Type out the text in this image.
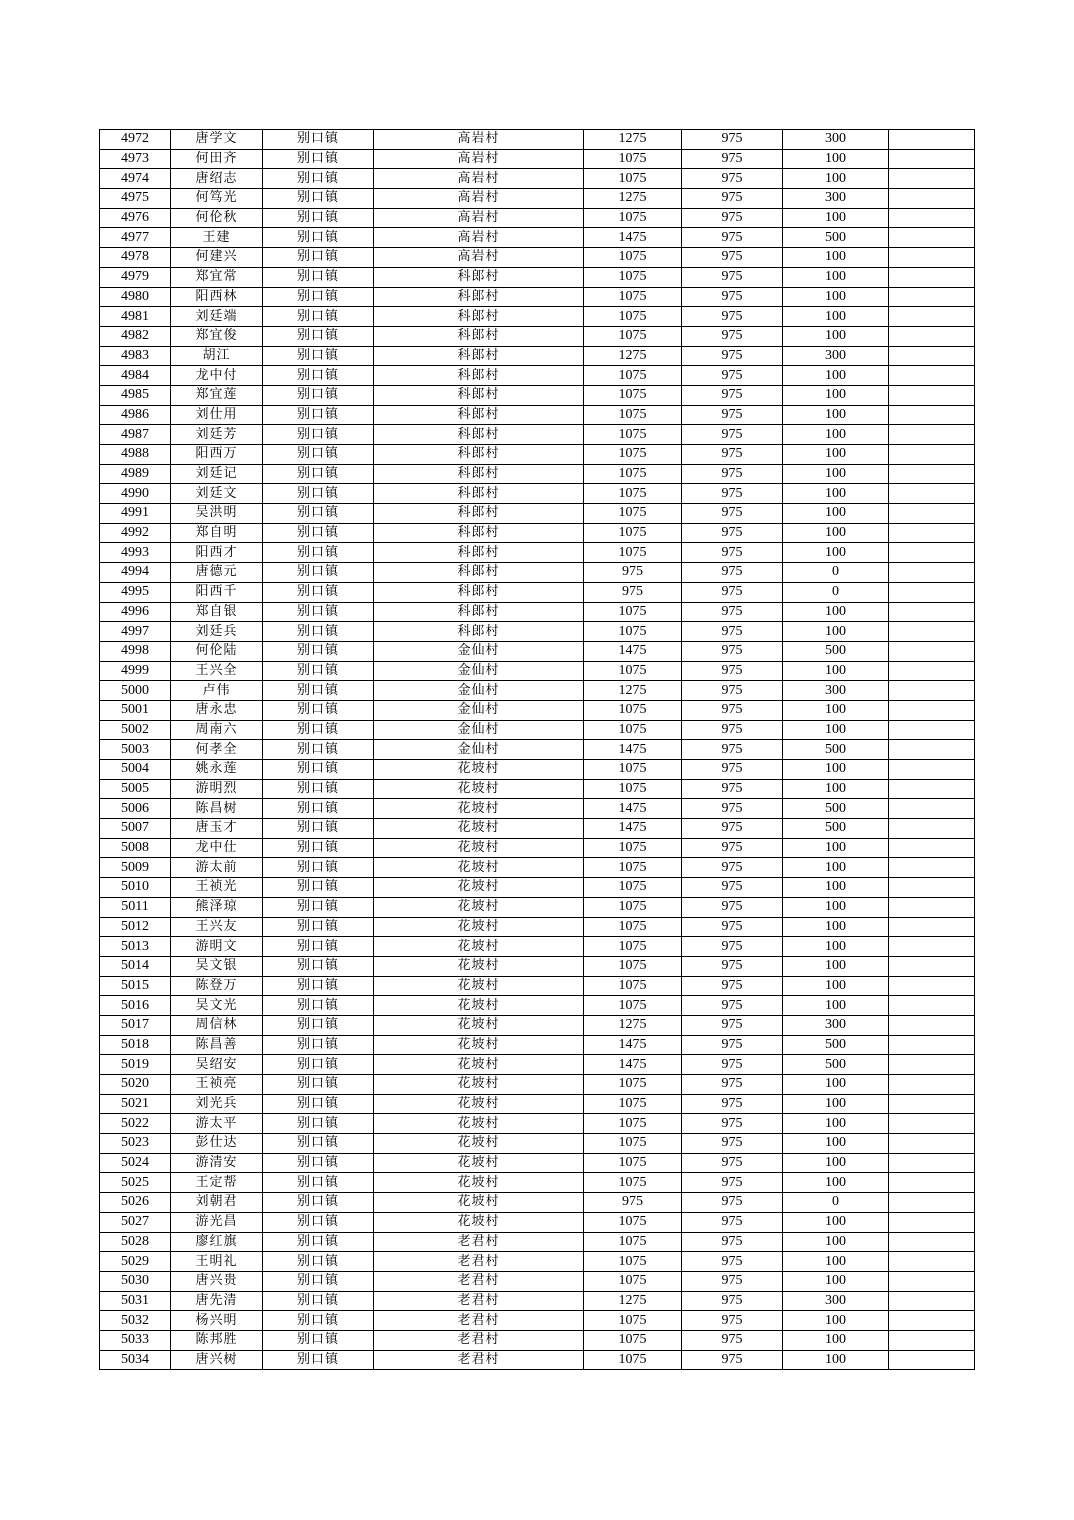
4972	唐学文	别口镇	高岩村	1275	975	300	
4973	何田齐	别口镇	高岩村	1075	975	100	
4974	唐绍志	别口镇	高岩村	1075	975	100	
4975	何笃光	别口镇	高岩村	1275	975	300	
4976	何伦秋	别口镇	高岩村	1075	975	100	
4977	王建	别口镇	高岩村	1475	975	500	
4978	何建兴	别口镇	高岩村	1075	975	100	
4979	郑宜常	别口镇	科郎村	1075	975	100	
4980	阳西林	别口镇	科郎村	1075	975	100	
4981	刘廷端	别口镇	科郎村	1075	975	100	
4982	郑宜俊	别口镇	科郎村	1075	975	100	
4983	胡江	别口镇	科郎村	1275	975	300	
4984	龙中付	别口镇	科郎村	1075	975	100	
4985	郑宜莲	别口镇	科郎村	1075	975	100	
4986	刘仕用	别口镇	科郎村	1075	975	100	
4987	刘廷芳	别口镇	科郎村	1075	975	100	
4988	阳西万	别口镇	科郎村	1075	975	100	
4989	刘廷记	别口镇	科郎村	1075	975	100	
4990	刘廷文	别口镇	科郎村	1075	975	100	
4991	吴洪明	别口镇	科郎村	1075	975	100	
4992	郑自明	别口镇	科郎村	1075	975	100	
4993	阳西才	别口镇	科郎村	1075	975	100	
4994	唐德元	别口镇	科郎村	975	975	0	
4995	阳西千	别口镇	科郎村	975	975	0	
4996	郑自银	别口镇	科郎村	1075	975	100	
4997	刘廷兵	别口镇	科郎村	1075	975	100	
4998	何伦陆	别口镇	金仙村	1475	975	500	
4999	王兴全	别口镇	金仙村	1075	975	100	
5000	卢伟	别口镇	金仙村	1275	975	300	
5001	唐永忠	别口镇	金仙村	1075	975	100	
5002	周南六	别口镇	金仙村	1075	975	100	
5003	何孝全	别口镇	金仙村	1475	975	500	
5004	姚永莲	别口镇	花坡村	1075	975	100	
5005	游明烈	别口镇	花坡村	1075	975	100	
5006	陈昌树	别口镇	花坡村	1475	975	500	
5007	唐玉才	别口镇	花坡村	1475	975	500	
5008	龙中仕	别口镇	花坡村	1075	975	100	
5009	游太前	别口镇	花坡村	1075	975	100	
5010	王祯光	别口镇	花坡村	1075	975	100	
5011	熊泽琼	别口镇	花坡村	1075	975	100	
5012	王兴友	别口镇	花坡村	1075	975	100	
5013	游明文	别口镇	花坡村	1075	975	100	
5014	吴文银	别口镇	花坡村	1075	975	100	
5015	陈登万	别口镇	花坡村	1075	975	100	
5016	吴文光	别口镇	花坡村	1075	975	100	
5017	周信林	别口镇	花坡村	1275	975	300	
5018	陈昌善	别口镇	花坡村	1475	975	500	
5019	吴绍安	别口镇	花坡村	1475	975	500	
5020	王祯亮	别口镇	花坡村	1075	975	100	
5021	刘光兵	别口镇	花坡村	1075	975	100	
5022	游太平	别口镇	花坡村	1075	975	100	
5023	彭仕达	别口镇	花坡村	1075	975	100	
5024	游清安	别口镇	花坡村	1075	975	100	
5025	王定帮	别口镇	花坡村	1075	975	100	
5026	刘朝君	别口镇	花坡村	975	975	0	
5027	游光昌	别口镇	花坡村	1075	975	100	
5028	廖红旗	别口镇	老君村	1075	975	100	
5029	王明礼	别口镇	老君村	1075	975	100	
5030	唐兴贵	别口镇	老君村	1075	975	100	
5031	唐先清	别口镇	老君村	1275	975	300	
5032	杨兴明	别口镇	老君村	1075	975	100	
5033	陈邦胜	别口镇	老君村	1075	975	100	
5034	唐兴树	别口镇	老君村	1075	975	100	
